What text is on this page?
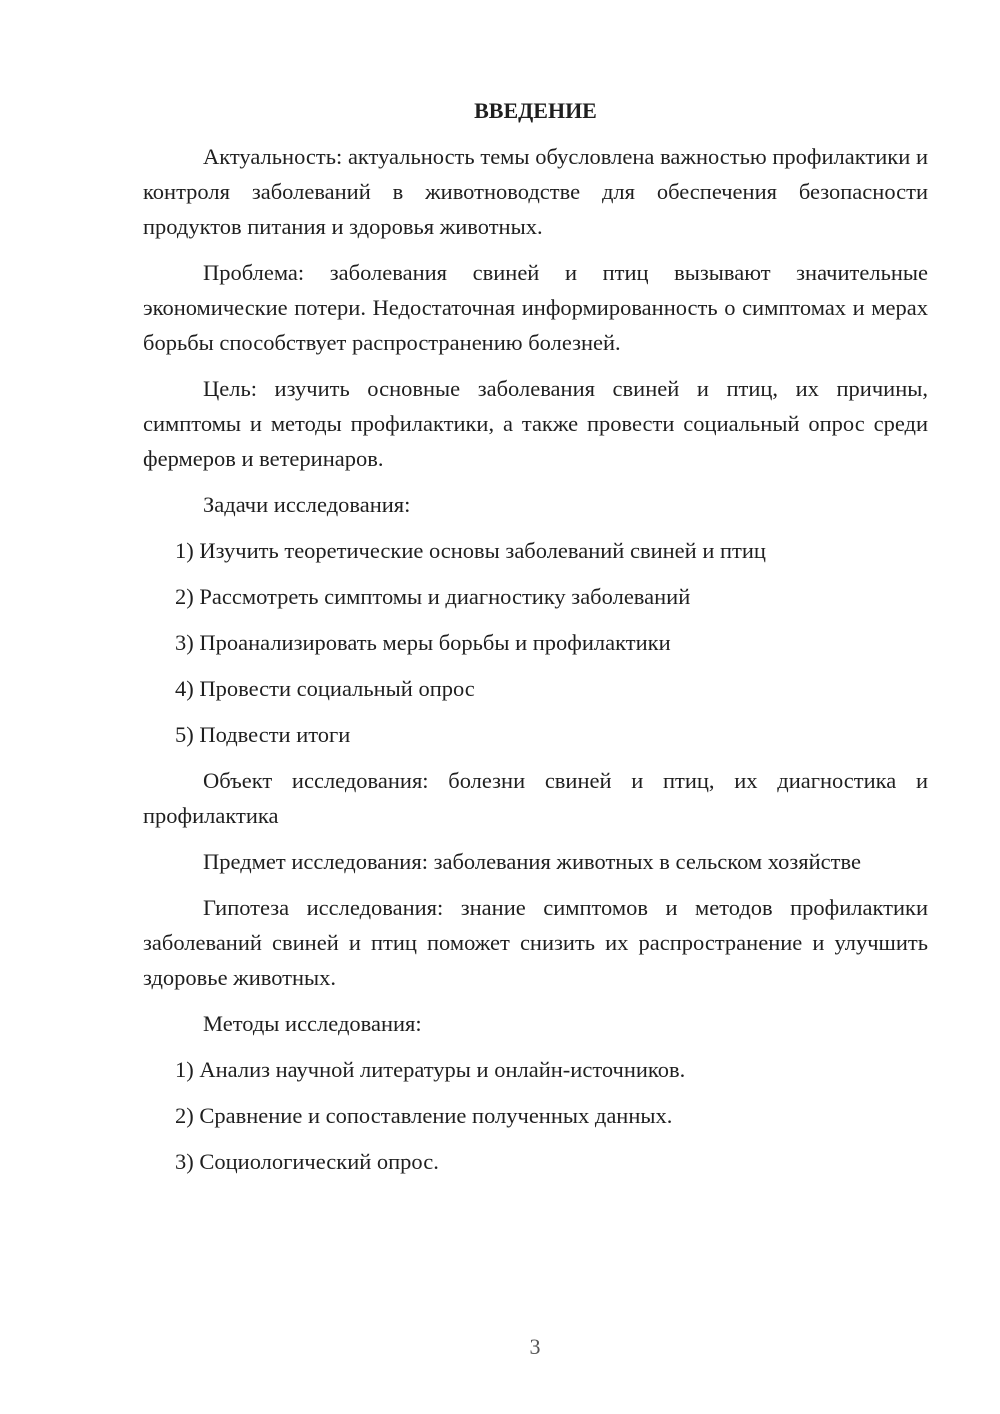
ВВЕДЕНИЕ

Актуальность: актуальность темы обусловлена важностью профилактики и контроля заболеваний в животноводстве для обеспечения безопасности продуктов питания и здоровья животных.

Проблема: заболевания свиней и птиц вызывают значительные экономические потери. Недостаточная информированность о симптомах и мерах борьбы способствует распространению болезней.

Цель: изучить основные заболевания свиней и птиц, их причины, симптомы и методы профилактики, а также провести социальный опрос среди фермеров и ветеринаров.

Задачи исследования:

1) Изучить теоретические основы заболеваний свиней и птиц
2) Рассмотреть симптомы и диагностику заболеваний
3) Проанализировать меры борьбы и профилактики
4) Провести социальный опрос
5) Подвести итоги

Объект исследования: болезни свиней и птиц, их диагностика и профилактика

Предмет исследования: заболевания животных в сельском хозяйстве

Гипотеза исследования: знание симптомов и методов профилактики заболеваний свиней и птиц поможет снизить их распространение и улучшить здоровье животных.

Методы исследования:

1) Анализ научной литературы и онлайн-источников.
2) Сравнение и сопоставление полученных данных.
3) Социологический опрос.
3
